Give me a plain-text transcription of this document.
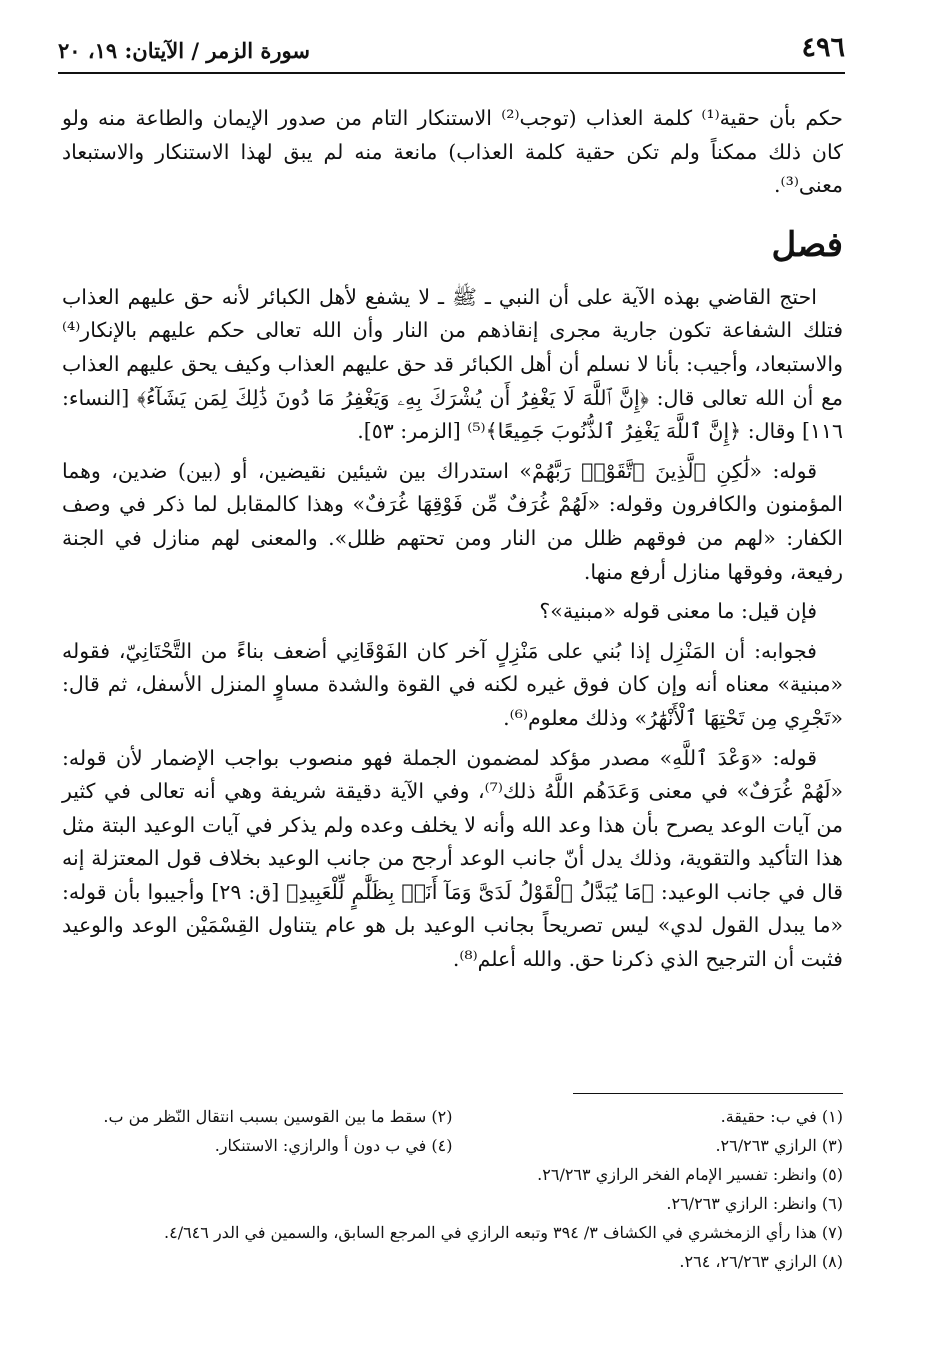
٤٩٦
سورة الزمر / الآيتان: ١٩، ٢٠

حكم بأن حقية⁽¹⁾ كلمة العذاب (توجب⁽²⁾ الاستنكار التام من صدور الإيمان والطاعة منه ولو كان ذلك ممكناً ولم تكن حقية كلمة العذاب) مانعة منه لم يبق لهذا الاستنكار والاستبعاد معنى⁽³⁾.

فصل

احتج القاضي بهذه الآية على أن النبي ـ ﷺ ـ لا يشفع لأهل الكبائر لأنه حق عليهم العذاب فتلك الشفاعة تكون جارية مجرى إنقاذهم من النار وأن الله تعالى حكم عليهم بالإنكار⁽⁴⁾ والاستبعاد، وأجيب: بأنا لا نسلم أن أهل الكبائر قد حق عليهم العذاب وكيف يحق عليهم العذاب مع أن الله تعالى قال: ﴿إِنَّ ٱللَّهَ لَا يَغْفِرُ أَن يُشْرَكَ بِهِۦ وَيَغْفِرُ مَا دُونَ ذَٰلِكَ لِمَن يَشَآءُ﴾ [النساء: ١١٦] وقال: ﴿إِنَّ ٱللَّهَ يَغْفِرُ ٱلذُّنُوبَ جَمِيعًا﴾⁽⁵⁾ [الزمر: ٥٣].

قوله: «لَٰكِنِ ٱلَّذِينَ ٱتَّقَوْا۟ رَبَّهُمْ» استدراك بين شيئين نقيضين، أو (بين) ضدين، وهما المؤمنون والكافرون وقوله: «لَهُمْ غُرَفٌ مِّن فَوْقِهَا غُرَفٌ» وهذا كالمقابل لما ذكر في وصف الكفار: «لهم من فوقهم ظلل من النار ومن تحتهم ظلل». والمعنى لهم منازل في الجنة رفيعة، وفوقها منازل أرفع منها.

فإن قيل: ما معنى قوله «مبنية»؟

فجوابه: أن المَنْزِل إذا بُني على مَنْزِلٍ آخر كان الفَوْقَانِي أضعف بناءً من التَّحْتَانِيّ، فقوله «مبنية» معناه أنه وإن كان فوق غيره لكنه في القوة والشدة مساوٍ المنزل الأسفل، ثم قال: «تَجْرِي مِن تَحْتِهَا ٱلْأَنْهَٰرُ» وذلك معلوم⁽⁶⁾.

قوله: «وَعْدَ ٱللَّهِ» مصدر مؤكد لمضمون الجملة فهو منصوب بواجب الإضمار لأن قوله: «لَهُمْ غُرَفٌ» في معنى وَعَدَهُم اللَّهُ ذلك⁽⁷⁾، وفي الآية دقيقة شريفة وهي أنه تعالى في كثير من آيات الوعد يصرح بأن هذا وعد الله وأنه لا يخلف وعده ولم يذكر في آيات الوعيد البتة مثل هذا التأكيد والتقوية، وذلك يدل أنّ جانب الوعد أرجح من جانب الوعيد بخلاف قول المعتزلة إنه قال في جانب الوعيد: ﴿مَا يُبَدَّلُ ٱلْقَوْلُ لَدَىَّ وَمَآ أَنَا۠ بِظَلَّٰمٍ لِّلْعَبِيدِ﴾ [ق: ٢٩] وأجيبوا بأن قوله: «ما يبدل القول لدي» ليس تصريحاً بجانب الوعيد بل هو عام يتناول القِسْمَيْن الوعد والوعيد فثبت أن الترجيح الذي ذكرنا حق. والله أعلم⁽⁸⁾.

(١) في ب: حقيقة.
(٢) سقط ما بين القوسين بسبب انتقال النّظر من ب.
(٣) الرازي ٢٦/٢٦٣.
(٤) في ب دون أ والرازي: الاستنكار.
(٥) وانظر: تفسير الإمام الفخر الرازي ٢٦/٢٦٣.
(٦) وانظر: الرازي ٢٦/٢٦٣.
(٧) هذا رأي الزمخشري في الكشاف ٣/ ٣٩٤ وتبعه الرازي في المرجع السابق، والسمين في الدر ٤/٦٤٦.
(٨) الرازي ٢٦/٢٦٣، ٢٦٤.
